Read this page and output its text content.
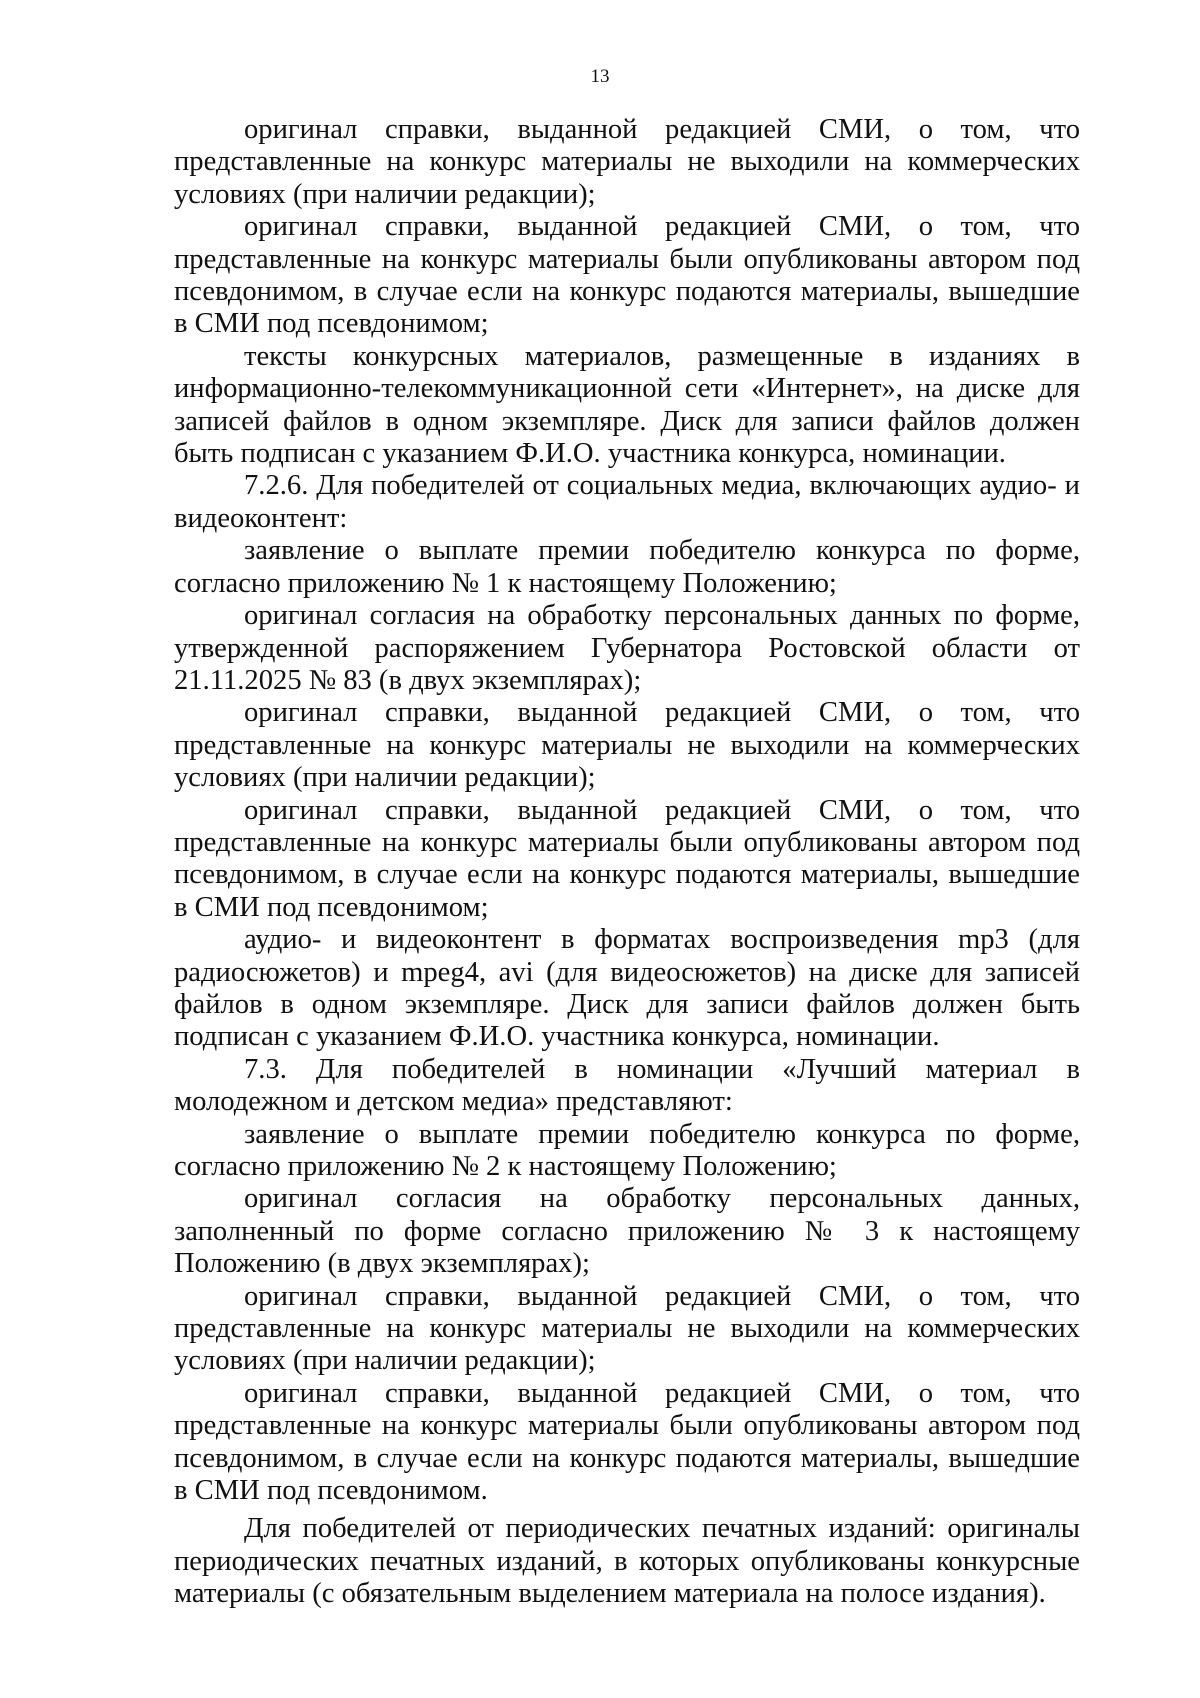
13

оригинал справки, выданной редакцией СМИ, о том, что представленные на конкурс материалы не выходили на коммерческих условиях (при наличии редакции);

оригинал справки, выданной редакцией СМИ, о том, что представленные на конкурс материалы были опубликованы автором под псевдонимом, в случае если на конкурс подаются материалы, вышедшие в СМИ под псевдонимом;

тексты конкурсных материалов, размещенные в изданиях в информационно-телекоммуникационной сети «Интернет», на диске для записей файлов в одном экземпляре. Диск для записи файлов должен быть подписан с указанием Ф.И.О. участника конкурса, номинации.

7.2.6. Для победителей от социальных медиа, включающих аудио- и видеоконтент:

заявление о выплате премии победителю конкурса по форме, согласно приложению № 1 к настоящему Положению;

оригинал согласия на обработку персональных данных по форме, утвержденной распоряжением Губернатора Ростовской области от 21.11.2025 № 83 (в двух экземплярах);

оригинал справки, выданной редакцией СМИ, о том, что представленные на конкурс материалы не выходили на коммерческих условиях (при наличии редакции);

оригинал справки, выданной редакцией СМИ, о том, что представленные на конкурс материалы были опубликованы автором под псевдонимом, в случае если на конкурс подаются материалы, вышедшие в СМИ под псевдонимом;

аудио- и видеоконтент в форматах воспроизведения mp3 (для радиосюжетов) и mpeg4, avi (для видеосюжетов) на диске для записей файлов в одном экземпляре. Диск для записи файлов должен быть подписан с указанием Ф.И.О. участника конкурса, номинации.

7.3. Для победителей в номинации «Лучший материал в молодежном и детском медиа» представляют:

заявление о выплате премии победителю конкурса по форме, согласно приложению № 2 к настоящему Положению;

оригинал согласия на обработку персональных данных, заполненный по форме согласно приложению № 3 к настоящему Положению (в двух экземплярах);

оригинал справки, выданной редакцией СМИ, о том, что представленные на конкурс материалы не выходили на коммерческих условиях (при наличии редакции);

оригинал справки, выданной редакцией СМИ, о том, что представленные на конкурс материалы были опубликованы автором под псевдонимом, в случае если на конкурс подаются материалы, вышедшие в СМИ под псевдонимом.

Для победителей от периодических печатных изданий: оригиналы периодических печатных изданий, в которых опубликованы конкурсные материалы (с обязательным выделением материала на полосе издания).
